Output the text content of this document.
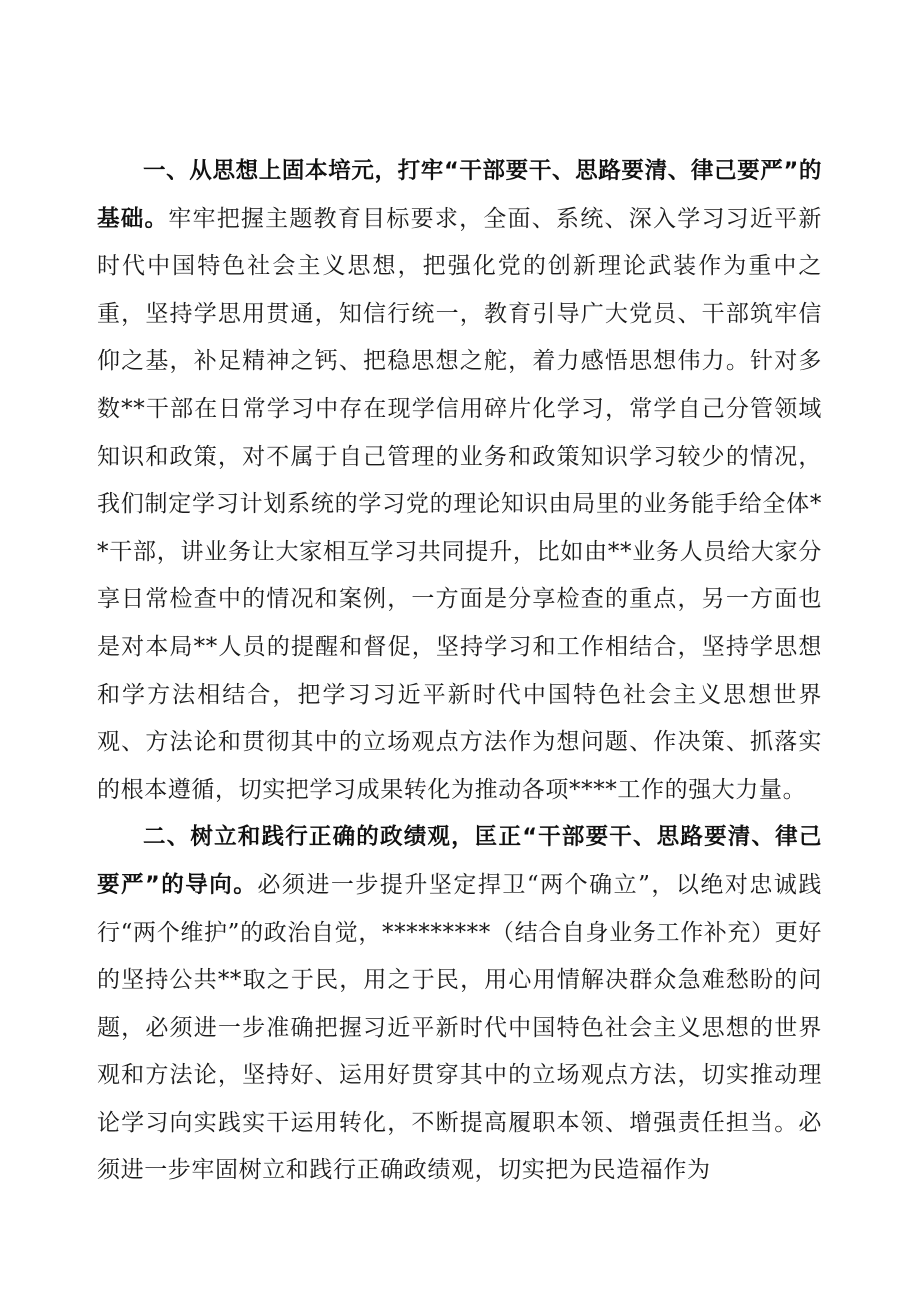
一、从思想上固本培元，打牢“干部要干、思路要清、律己要严”的基础。牢牢把握主题教育目标要求，全面、系统、深入学习习近平新时代中国特色社会主义思想，把强化党的创新理论武装作为重中之重，坚持学思用贯通，知信行统一，教育引导广大党员、干部筑牢信仰之基，补足精神之钙、把稳思想之舵，着力感悟思想伟力。针对多数**干部在日常学习中存在现学信用碎片化学习，常学自己分管领域知识和政策，对不属于自己管理的业务和政策知识学习较少的情况，我们制定学习计划系统的学习党的理论知识由局里的业务能手给全体**干部，讲业务让大家相互学习共同提升，比如由**业务人员给大家分享日常检查中的情况和案例，一方面是分享检查的重点，另一方面也是对本局**人员的提醒和督促，坚持学习和工作相结合，坚持学思想和学方法相结合，把学习习近平新时代中国特色社会主义思想世界观、方法论和贯彻其中的立场观点方法作为想问题、作决策、抓落实的根本遵循，切实把学习成果转化为推动各项****工作的强大力量。

二、树立和践行正确的政绩观，匡正“干部要干、思路要清、律己要严”的导向。必须进一步提升坚定捍卫“两个确立”，以绝对忠诚践行“两个维护”的政治自觉，*********（结合自身业务工作补充）更好的坚持公共**取之于民，用之于民，用心用情解决群众急难愁盼的问题，必须进一步准确把握习近平新时代中国特色社会主义思想的世界观和方法论，坚持好、运用好贯穿其中的立场观点方法，切实推动理论学习向实践实干运用转化，不断提高履职本领、增强责任担当。必须进一步牢固树立和践行正确政绩观，切实把为民造福作为
